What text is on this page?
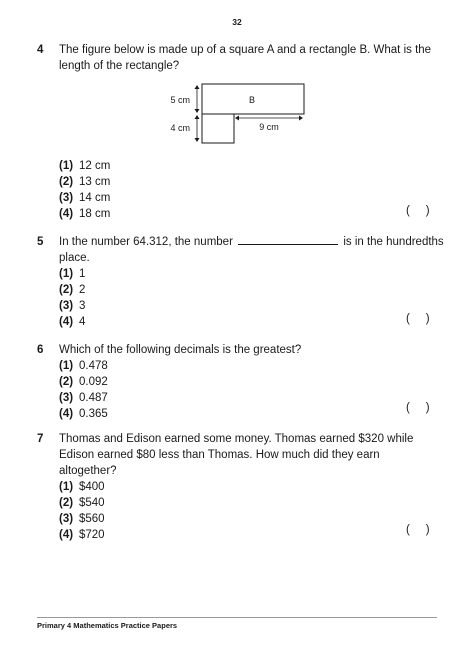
32
4 The figure below is made up of a square A and a rectangle B. What is the length of the rectangle?
B
5 cm
4 cm	9 cm
(1) 12 cm
(2) 13 cm
(3) 14 cm
(4) 18 cm	(     )
5 In the number 64.312, the number	is in the hundredths place.
(1) 1
(2) 2
(3) 3
(4) 4	(     )
6 Which of the following decimals is the greatest?
(1) 0.478
(2) 0.092
(3) 0.487
(4) 0.365	(     )
7 Thomas and Edison earned some money. Thomas earned $320 while Edison earned $80 less than Thomas. How much did they earn altogether?
(1) $400
(2) $540
(3) $560
(4) $720	(     )
Primary 4 Mathematics Practice Papers
